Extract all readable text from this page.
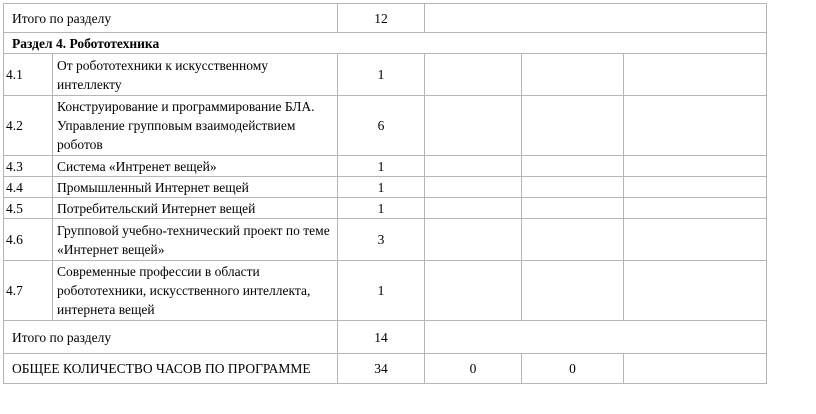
Итого по разделу		12			
Раздел 4. Робототехника					
4.1	От робототехники к искусственному интеллекту	1			
4.2	Конструирование и программирование БЛА. Управление групповым взаимодействием роботов	6			
4.3	Система «Интренет вещей»	1			
4.4	Промышленный Интернет вещей	1			
4.5	Потребительский Интернет вещей	1			
4.6	Групповой учебно-технический проект по теме «Интернет вещей»	3			
4.7	Современные профессии в области робототехники, искусственного интеллекта, интернета вещей	1			
Итого по разделу		14			
ОБЩЕЕ КОЛИЧЕСТВО ЧАСОВ ПО ПРОГРАММЕ		34	0	0	
